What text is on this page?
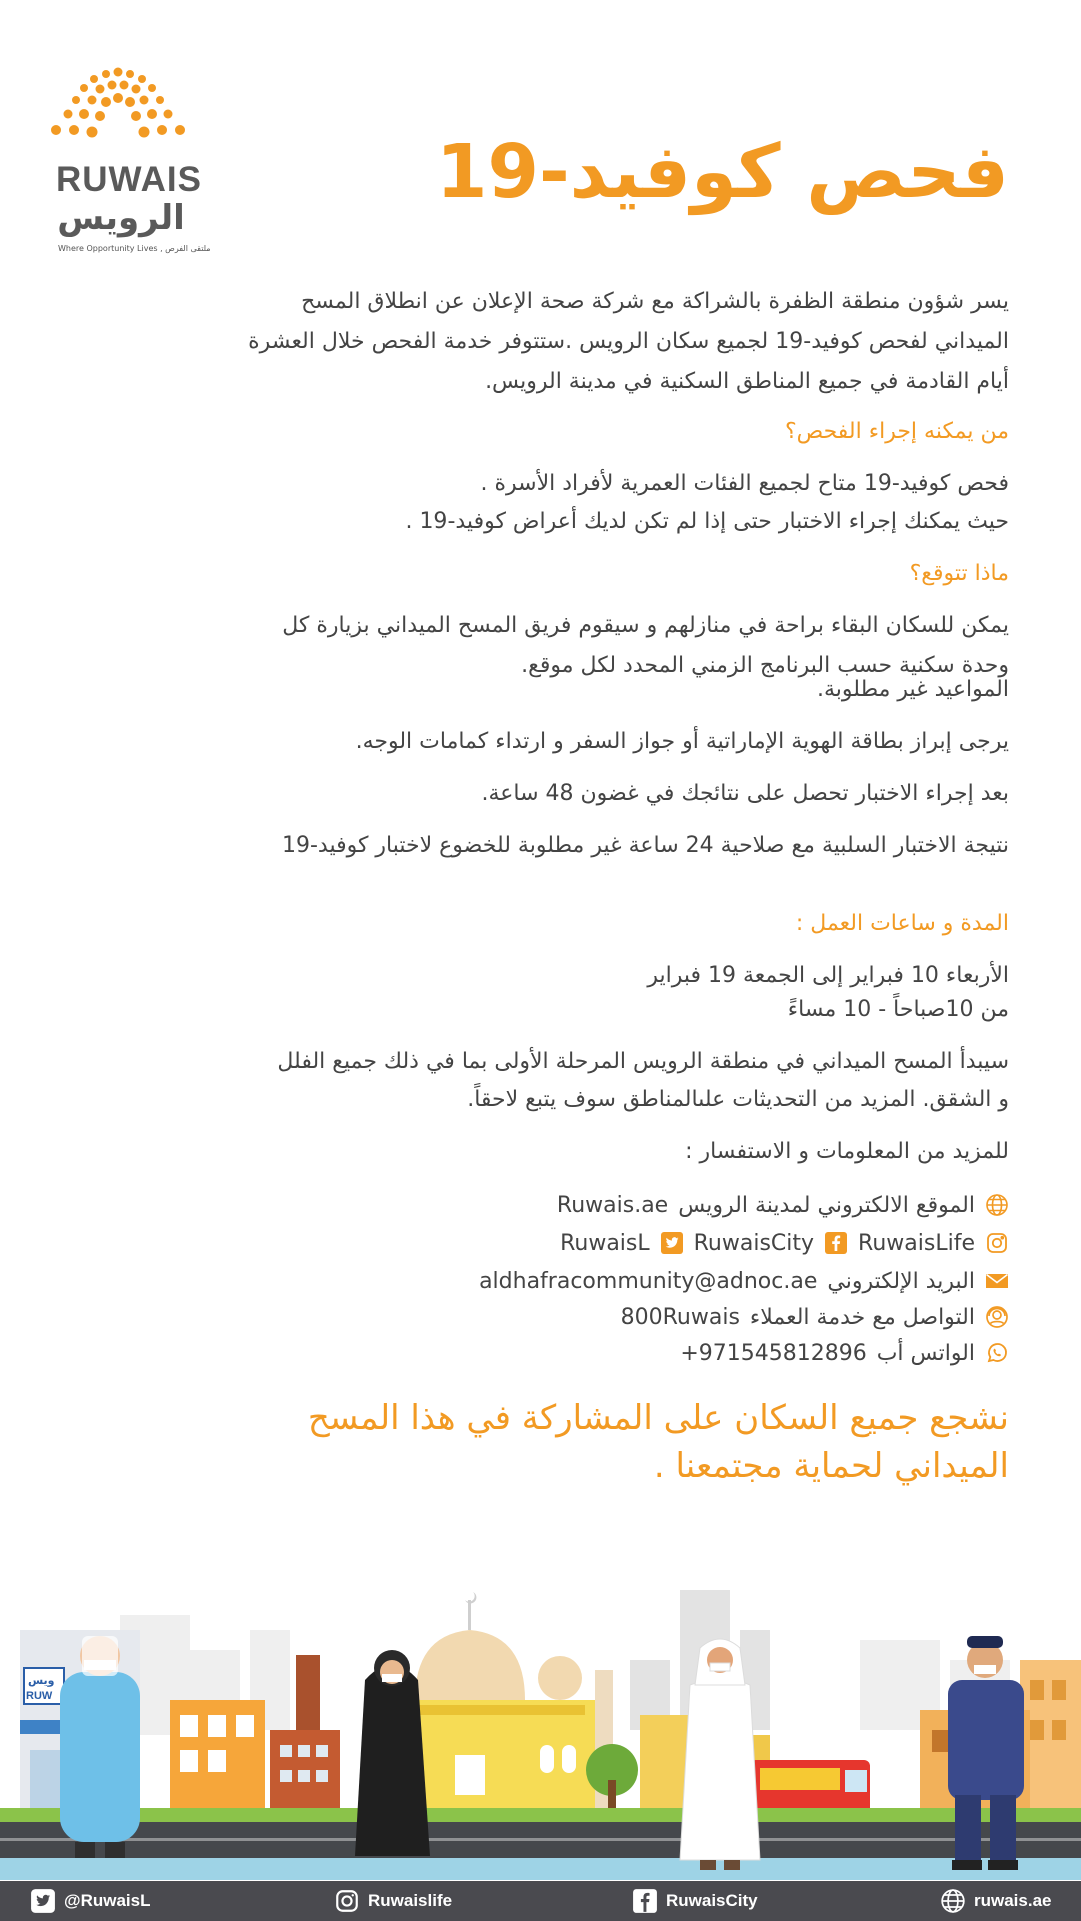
RUWAIS

الرويس

Where Opportunity Lives , ملتقى الفرص

فحص كوفيد-19

يسر شؤون منطقة الظفرة بالشراكة مع شركة صحة الإعلان عن انطلاق المسح

الميداني لفحص كوفيد-19 لجميع سكان الرويس .ستتوفر خدمة الفحص خلال العشرة

أيام القادمة في جميع المناطق السكنية في مدينة الرويس.

من يمكنه إجراء الفحص؟

فحص كوفيد-19 متاح لجميع الفئات العمرية لأفراد الأسرة .

حيث يمكنك إجراء الاختبار حتى إذا لم تكن لديك أعراض كوفيد-19 .

ماذا تتوقع؟

يمكن للسكان البقاء براحة في منازلهم و سيقوم فريق المسح الميداني بزيارة كل

وحدة سكنية حسب البرنامج الزمني المحدد لكل موقع.

المواعيد غير مطلوبة.

يرجى إبراز بطاقة الهوية الإماراتية أو جواز السفر و ارتداء كمامات الوجه.

بعد إجراء الاختبار تحصل على نتائجك في غضون 48 ساعة.

نتيجة الاختبار السلبية مع صلاحية 24 ساعة غير مطلوبة للخضوع لاختبار كوفيد-19

المدة و ساعات العمل :

الأربعاء 10 فبراير إلى الجمعة 19 فبراير

من 10صباحاً - 10 مساءً

سيبدأ المسح الميداني في منطقة الرويس المرحلة الأولى بما في ذلك جميع الفلل

و الشقق. المزيد من التحديثات علىالمناطق سوف يتبع لاحقاً.

للمزيد من المعلومات و الاستفسار :

الموقع الالكتروني لمدينة الرويس
Ruwais.ae
RuwaisLife
RuwaisCity
RuwaisL
البريد الإلكتروني
aldhafracommunity@adnoc.ae
التواصل مع خدمة العملاء
800Ruwais
الواتس أب
+971545812896
نشجع جميع السكان على المشاركة في هذا المسح
الميداني لحماية مجتمعنا .
ويس
RUW
@RuwaisL	Ruwaislife	RuwaisCity	ruwais.ae
